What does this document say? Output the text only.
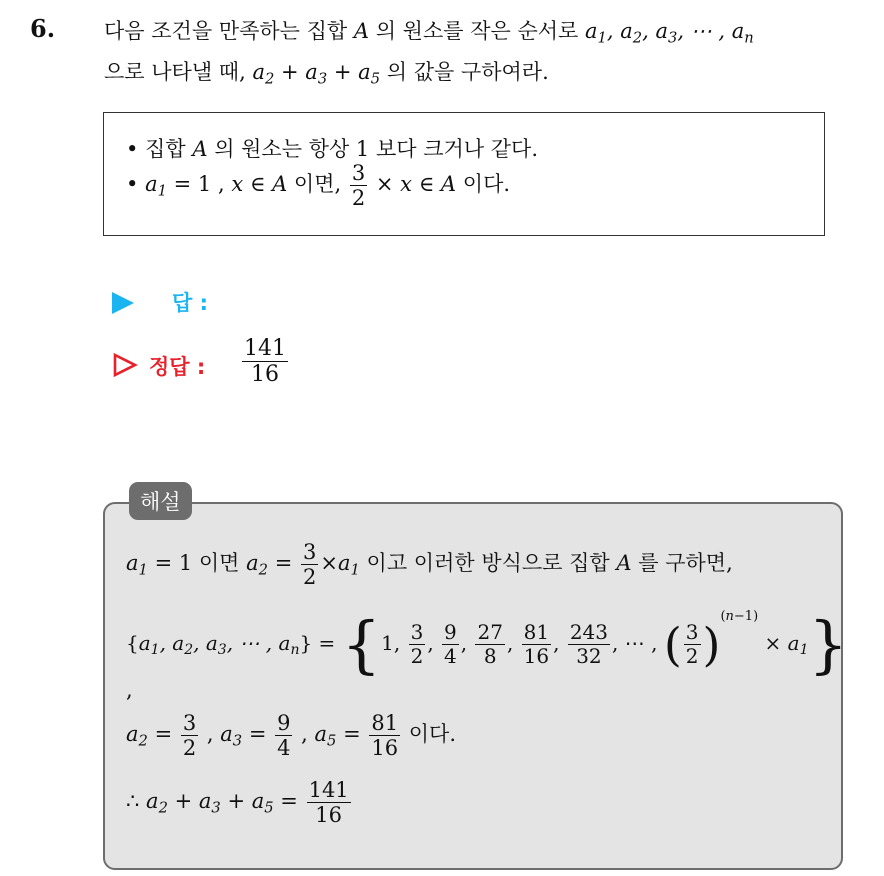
6. 다음 조건을 만족하는 집합 A 의 원소를 작은 순서로 $a_1$, $a_2$, $a_3$, ⋯ , $a_n$
으로 나타낼 때, $a_2 + a_3 + a_5$ 의 값을 구하여라.
• 집합 A 의 원소는 항상 1 보다 크거나 같다.
• $a_1 = 1$ , x ∈ A 이면, $\frac{3}{2} \times x$ ∈ A 이다.
답 :
정답 : $\frac{141}{16}$
해설
$a_1 = 1$ 이면 $a_2 = \frac{3}{2} \times a_1$ 이고 이러한 방식으로 집합 A 를 구하면,
{$a_1$, $a_2$, $a_3$, ⋯ , $a_n\} = \{1$, $\frac{3}{2}$ , $\frac{9}{4}$ , $\frac{27}{8}$ , $\frac{81}{16}$ , $\frac{243}{32}$ , ⋯ , ( $\frac{3}{2} )^{(n-1)} \times a_1$}
,
$a_2 = \frac{3}{2}$ , $a_3 = \frac{9}{4}$ , $a_5 = \frac{81}{16}$ 이다.
∴ $a_2 + a_3 + a_5 = \frac{141}{16}$
